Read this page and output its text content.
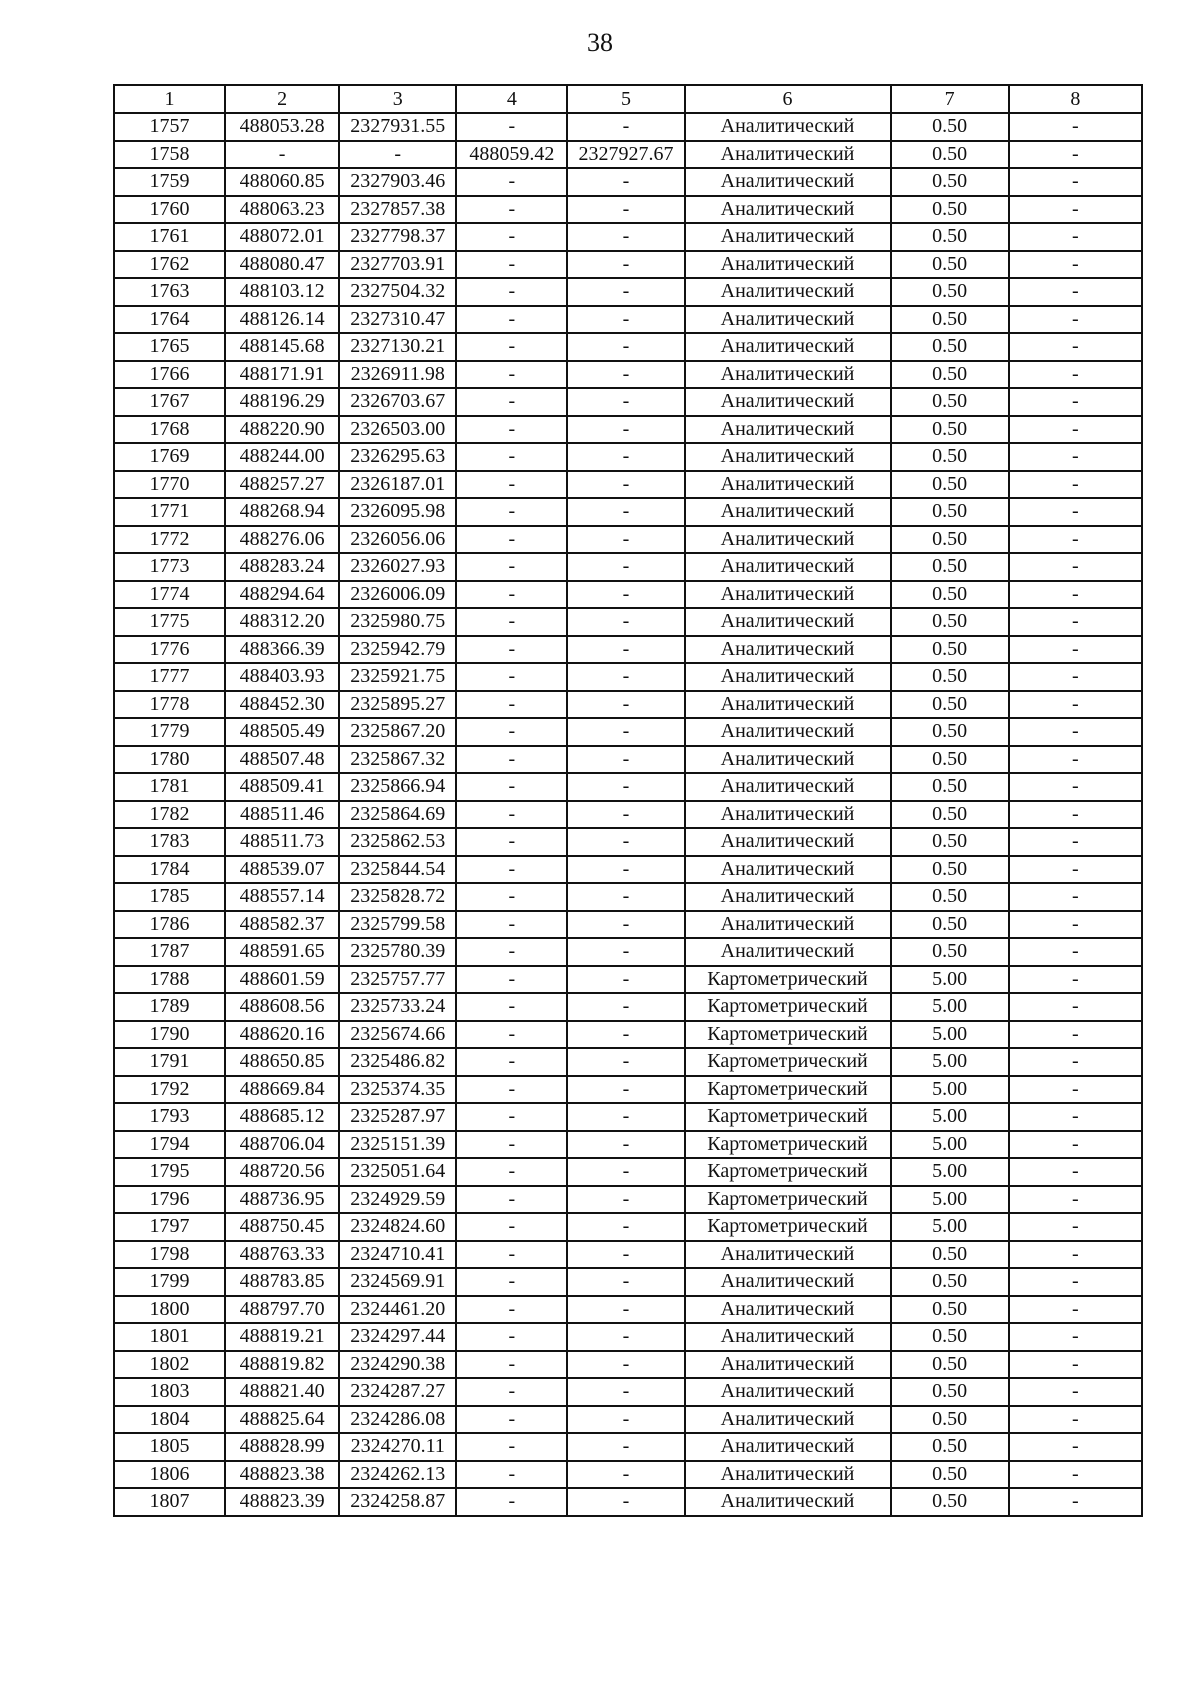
38
1	2	3	4	5	6	7	8
1757	488053.28	2327931.55	-	-	Аналитический	0.50	-
1758	-	-	488059.42	2327927.67	Аналитический	0.50	-
1759	488060.85	2327903.46	-	-	Аналитический	0.50	-
1760	488063.23	2327857.38	-	-	Аналитический	0.50	-
1761	488072.01	2327798.37	-	-	Аналитический	0.50	-
1762	488080.47	2327703.91	-	-	Аналитический	0.50	-
1763	488103.12	2327504.32	-	-	Аналитический	0.50	-
1764	488126.14	2327310.47	-	-	Аналитический	0.50	-
1765	488145.68	2327130.21	-	-	Аналитический	0.50	-
1766	488171.91	2326911.98	-	-	Аналитический	0.50	-
1767	488196.29	2326703.67	-	-	Аналитический	0.50	-
1768	488220.90	2326503.00	-	-	Аналитический	0.50	-
1769	488244.00	2326295.63	-	-	Аналитический	0.50	-
1770	488257.27	2326187.01	-	-	Аналитический	0.50	-
1771	488268.94	2326095.98	-	-	Аналитический	0.50	-
1772	488276.06	2326056.06	-	-	Аналитический	0.50	-
1773	488283.24	2326027.93	-	-	Аналитический	0.50	-
1774	488294.64	2326006.09	-	-	Аналитический	0.50	-
1775	488312.20	2325980.75	-	-	Аналитический	0.50	-
1776	488366.39	2325942.79	-	-	Аналитический	0.50	-
1777	488403.93	2325921.75	-	-	Аналитический	0.50	-
1778	488452.30	2325895.27	-	-	Аналитический	0.50	-
1779	488505.49	2325867.20	-	-	Аналитический	0.50	-
1780	488507.48	2325867.32	-	-	Аналитический	0.50	-
1781	488509.41	2325866.94	-	-	Аналитический	0.50	-
1782	488511.46	2325864.69	-	-	Аналитический	0.50	-
1783	488511.73	2325862.53	-	-	Аналитический	0.50	-
1784	488539.07	2325844.54	-	-	Аналитический	0.50	-
1785	488557.14	2325828.72	-	-	Аналитический	0.50	-
1786	488582.37	2325799.58	-	-	Аналитический	0.50	-
1787	488591.65	2325780.39	-	-	Аналитический	0.50	-
1788	488601.59	2325757.77	-	-	Картометрический	5.00	-
1789	488608.56	2325733.24	-	-	Картометрический	5.00	-
1790	488620.16	2325674.66	-	-	Картометрический	5.00	-
1791	488650.85	2325486.82	-	-	Картометрический	5.00	-
1792	488669.84	2325374.35	-	-	Картометрический	5.00	-
1793	488685.12	2325287.97	-	-	Картометрический	5.00	-
1794	488706.04	2325151.39	-	-	Картометрический	5.00	-
1795	488720.56	2325051.64	-	-	Картометрический	5.00	-
1796	488736.95	2324929.59	-	-	Картометрический	5.00	-
1797	488750.45	2324824.60	-	-	Картометрический	5.00	-
1798	488763.33	2324710.41	-	-	Аналитический	0.50	-
1799	488783.85	2324569.91	-	-	Аналитический	0.50	-
1800	488797.70	2324461.20	-	-	Аналитический	0.50	-
1801	488819.21	2324297.44	-	-	Аналитический	0.50	-
1802	488819.82	2324290.38	-	-	Аналитический	0.50	-
1803	488821.40	2324287.27	-	-	Аналитический	0.50	-
1804	488825.64	2324286.08	-	-	Аналитический	0.50	-
1805	488828.99	2324270.11	-	-	Аналитический	0.50	-
1806	488823.38	2324262.13	-	-	Аналитический	0.50	-
1807	488823.39	2324258.87	-	-	Аналитический	0.50	-
